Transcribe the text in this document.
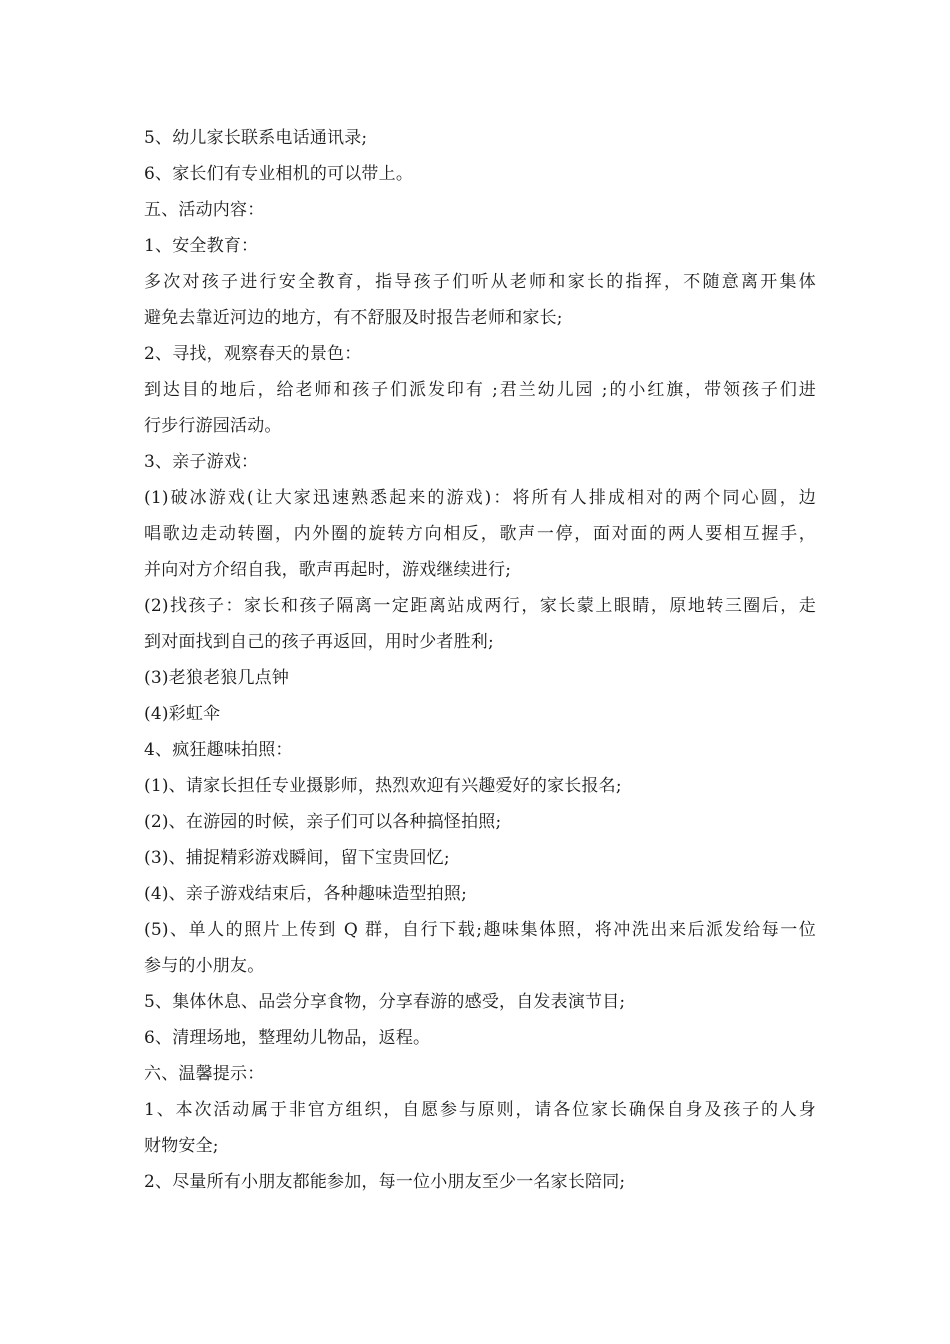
5、幼儿家长联系电话通讯录;

6、家长们有专业相机的可以带上。

五、活动内容：

1、安全教育：

多次对孩子进行安全教育，指导孩子们听从老师和家长的指挥，不随意离开集体

避免去靠近河边的地方，有不舒服及时报告老师和家长;

2、寻找，观察春天的景色：

到达目的地后，给老师和孩子们派发印有 ;君兰幼儿园 ;的小红旗，带领孩子们进

行步行游园活动。

3、亲子游戏：

(1)破冰游戏(让大家迅速熟悉起来的游戏)：将所有人排成相对的两个同心圆，边

唱歌边走动转圈，内外圈的旋转方向相反，歌声一停，面对面的两人要相互握手，

并向对方介绍自我，歌声再起时，游戏继续进行;

(2)找孩子：家长和孩子隔离一定距离站成两行，家长蒙上眼睛，原地转三圈后，走

到对面找到自己的孩子再返回，用时少者胜利;

(3)老狼老狼几点钟

(4)彩虹伞

4、疯狂趣味拍照：

(1)、请家长担任专业摄影师，热烈欢迎有兴趣爱好的家长报名;

(2)、在游园的时候，亲子们可以各种搞怪拍照;

(3)、捕捉精彩游戏瞬间，留下宝贵回忆;

(4)、亲子游戏结束后，各种趣味造型拍照;

(5)、单人的照片上传到 Q 群，自行下载;趣味集体照，将冲洗出来后派发给每一位

参与的小朋友。

5、集体休息、品尝分享食物，分享春游的感受，自发表演节目;

6、清理场地，整理幼儿物品，返程。

六、温馨提示：

1、本次活动属于非官方组织，自愿参与原则，请各位家长确保自身及孩子的人身

财物安全;

2、尽量所有小朋友都能参加，每一位小朋友至少一名家长陪同;
